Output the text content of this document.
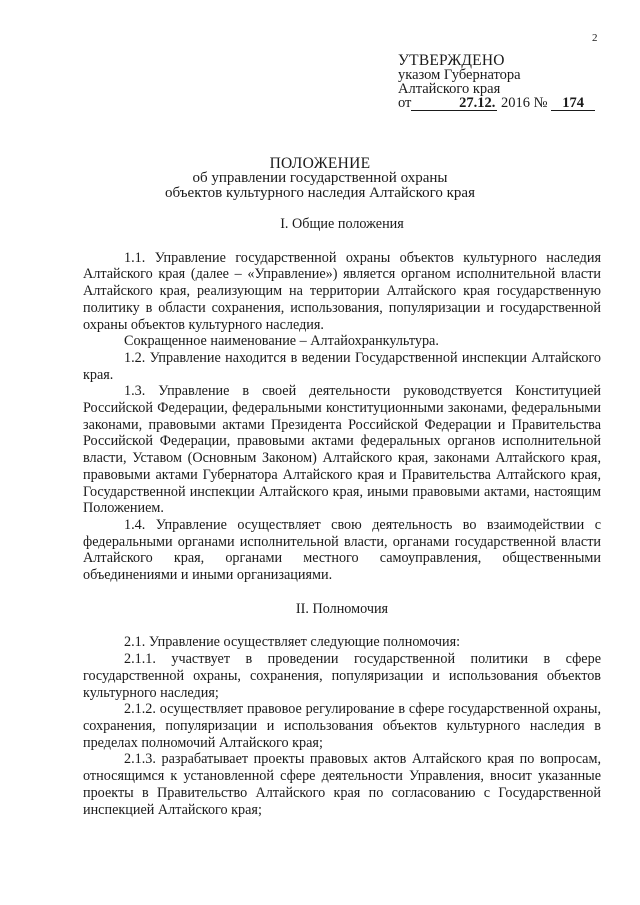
2
УТВЕРЖДЕНО
указом Губернатора
Алтайского края
от	27.12. 2016 № 174
ПОЛОЖЕНИЕ
об управлении государственной охраны
объектов культурного наследия Алтайского края
I. Общие положения

1.1. Управление государственной охраны объектов культурного наследия Алтайского края (далее – «Управление») является органом исполнительной власти Алтайского края, реализующим на территории Алтайского края государственную политику в области сохранения, использования, популяризации и государственной охраны объектов культурного наследия.

Сокращенное наименование – Алтайохранкультура.

1.2. Управление находится в ведении Государственной инспекции Алтайского края.

1.3. Управление в своей деятельности руководствуется Конституцией Российской Федерации, федеральными конституционными законами, федеральными законами, правовыми актами Президента Российской Федерации и Правительства Российской Федерации, правовыми актами федеральных органов исполнительной власти, Уставом (Основным Законом) Алтайского края, законами Алтайского края, правовыми актами Губернатора Алтайского края и Правительства Алтайского края, Государственной инспекции Алтайского края, иными правовыми актами, настоящим Положением.

1.4. Управление осуществляет свою деятельность во взаимодействии с федеральными органами исполнительной власти, органами государственной власти Алтайского края, органами местного самоуправления, общественными объединениями и иными организациями.

II. Полномочия

2.1. Управление осуществляет следующие полномочия:

2.1.1. участвует в проведении государственной политики в сфере государственной охраны, сохранения, популяризации и использования объектов культурного наследия;

2.1.2. осуществляет правовое регулирование в сфере государственной охраны, сохранения, популяризации и использования объектов культурного наследия в пределах полномочий Алтайского края;

2.1.3. разрабатывает проекты правовых актов Алтайского края по вопросам, относящимся к установленной сфере деятельности Управления, вносит указанные проекты в Правительство Алтайского края по согласованию с Государственной инспекцией Алтайского края;
